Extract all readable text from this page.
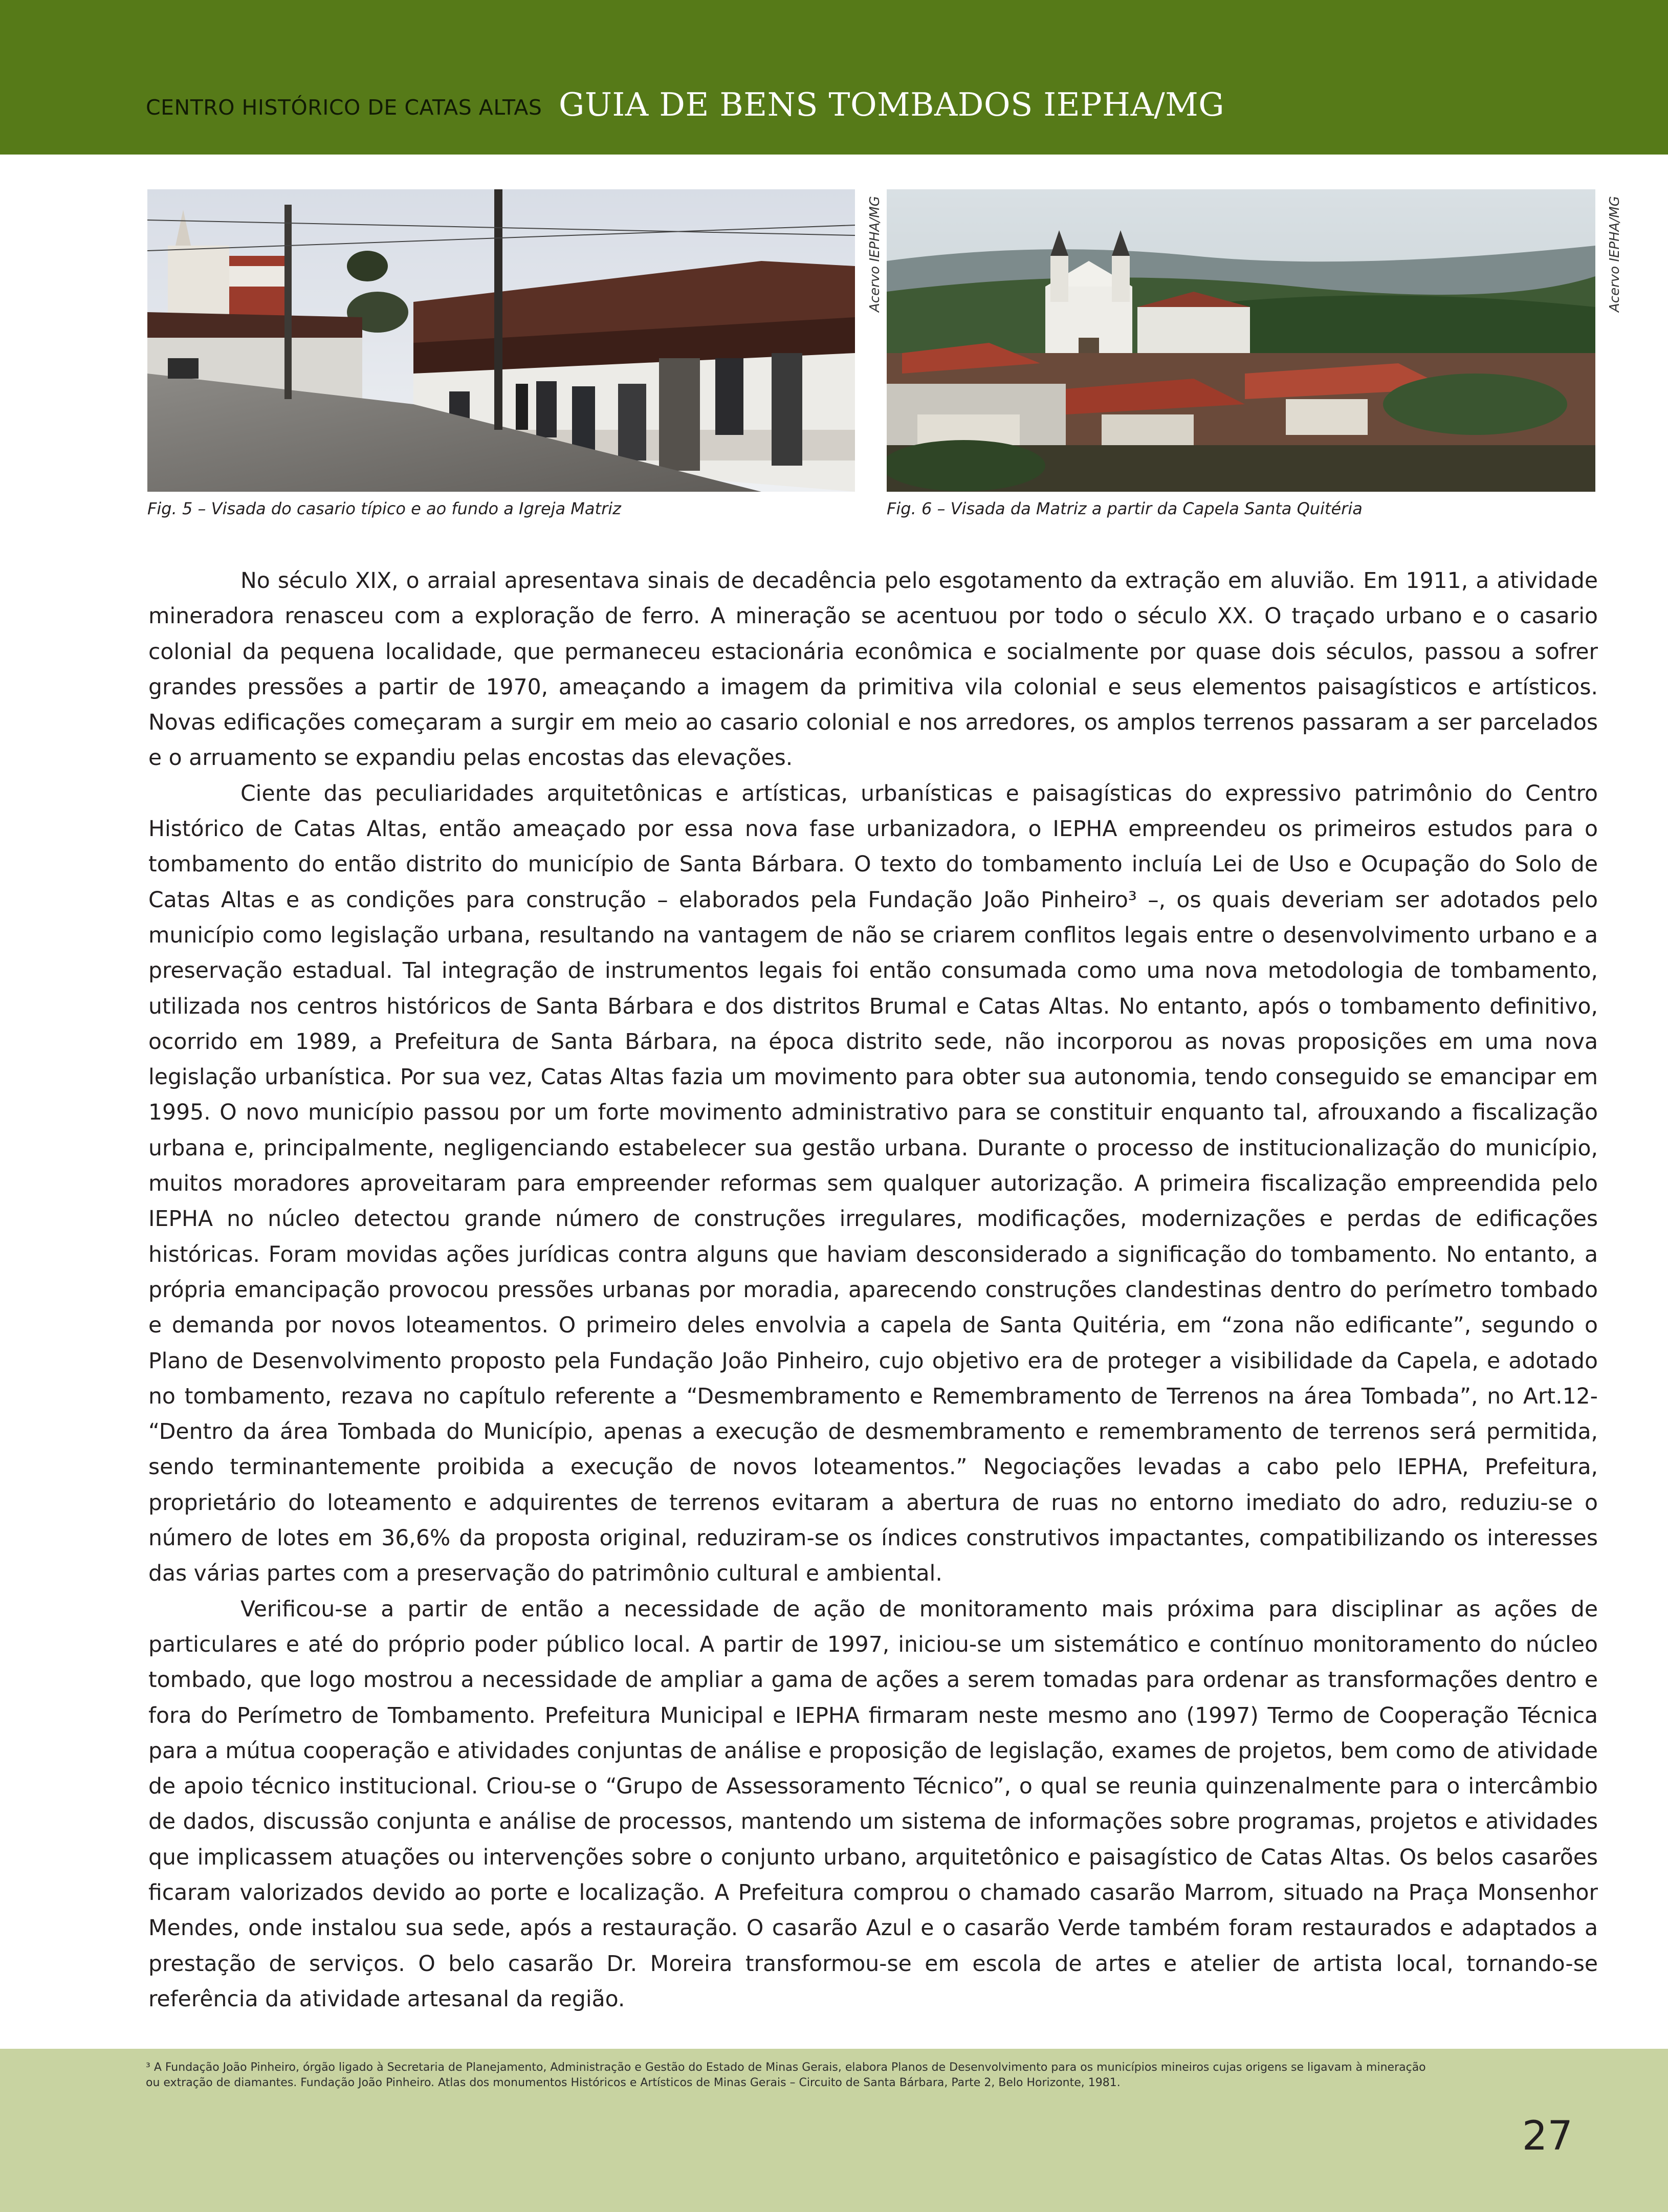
CENTRO HISTÓRICO DE CATAS ALTAS GUIA DE BENS TOMBADOS IEPHA/MG
Acervo IEPHA/MG
Fig. 5 – Visada do casario típico e ao fundo a Igreja Matriz
Acervo IEPHA/MG
Fig. 6 – Visada da Matriz a partir da Capela Santa Quitéria

No século XIX, o arraial apresentava sinais de decadência pelo esgotamento da extração em aluvião. Em 1911, a atividade mineradora renasceu com a exploração de ferro. A mineração se acentuou por todo o século XX. O traçado urbano e o casario colonial da pequena localidade, que permaneceu estacionária econômica e socialmente por quase dois séculos, passou a sofrer grandes pressões a partir de 1970, ameaçando a imagem da primitiva vila colonial e seus elementos paisagísticos e artísticos. Novas edificações começaram a surgir em meio ao casario colonial e nos arredores, os amplos terrenos passaram a ser parcelados e o arruamento se expandiu pelas encostas das elevações.

Ciente das peculiaridades arquitetônicas e artísticas, urbanísticas e paisagísticas do expressivo patrimônio do Centro Histórico de Catas Altas, então ameaçado por essa nova fase urbanizadora, o IEPHA empreendeu os primeiros estudos para o tombamento do então distrito do município de Santa Bárbara. O texto do tombamento incluía Lei de Uso e Ocupação do Solo de Catas Altas e as condições para construção – elaborados pela Fundação João Pinheiro³ –, os quais deveriam ser adotados pelo município como legislação urbana, resultando na vantagem de não se criarem conflitos legais entre o desenvolvimento urbano e a preservação estadual. Tal integração de instrumentos legais foi então consumada como uma nova metodologia de tombamento, utilizada nos centros históricos de Santa Bárbara e dos distritos Brumal e Catas Altas. No entanto, após o tombamento definitivo, ocorrido em 1989, a Prefeitura de Santa Bárbara, na época distrito sede, não incorporou as novas proposições em uma nova legislação urbanística. Por sua vez, Catas Altas fazia um movimento para obter sua autonomia, tendo conseguido se emancipar em 1995. O novo município passou por um forte movimento administrativo para se constituir enquanto tal, afrouxando a fiscalização urbana e, principalmente, negligenciando estabelecer sua gestão urbana. Durante o processo de institucionalização do município, muitos moradores aproveitaram para empreender reformas sem qualquer autorização. A primeira fiscalização empreendida pelo IEPHA no núcleo detectou grande número de construções irregulares, modificações, modernizações e perdas de edificações históricas. Foram movidas ações jurídicas contra alguns que haviam desconsiderado a significação do tombamento. No entanto, a própria emancipação provocou pressões urbanas por moradia, aparecendo construções clandestinas dentro do perímetro tombado e demanda por novos loteamentos. O primeiro deles envolvia a capela de Santa Quitéria, em “zona não edificante”, segundo o Plano de Desenvolvimento proposto pela Fundação João Pinheiro, cujo objetivo era de proteger a visibilidade da Capela, e adotado no tombamento, rezava no capítulo referente a “Desmembramento e Remembramento de Terrenos na área Tombada”, no Art.12- “Dentro da área Tombada do Município, apenas a execução de desmembramento e remembramento de terrenos será permitida, sendo terminantemente proibida a execução de novos loteamentos.” Negociações levadas a cabo pelo IEPHA, Prefeitura, proprietário do loteamento e adquirentes de terrenos evitaram a abertura de ruas no entorno imediato do adro, reduziu-se o número de lotes em 36,6% da proposta original, reduziram-se os índices construtivos impactantes, compatibilizando os interesses das várias partes com a preservação do patrimônio cultural e ambiental.

Verificou-se a partir de então a necessidade de ação de monitoramento mais próxima para disciplinar as ações de particulares e até do próprio poder público local. A partir de 1997, iniciou-se um sistemático e contínuo monitoramento do núcleo tombado, que logo mostrou a necessidade de ampliar a gama de ações a serem tomadas para ordenar as transformações dentro e fora do Perímetro de Tombamento. Prefeitura Municipal e IEPHA firmaram neste mesmo ano (1997) Termo de Cooperação Técnica para a mútua cooperação e atividades conjuntas de análise e proposição de legislação, exames de projetos, bem como de atividade de apoio técnico institucional. Criou-se o “Grupo de Assessoramento Técnico”, o qual se reunia quinzenalmente para o intercâmbio de dados, discussão conjunta e análise de processos, mantendo um sistema de informações sobre programas, projetos e atividades que implicassem atuações ou intervenções sobre o conjunto urbano, arquitetônico e paisagístico de Catas Altas. Os belos casarões ficaram valorizados devido ao porte e localização. A Prefeitura comprou o chamado casarão Marrom, situado na Praça Monsenhor Mendes, onde instalou sua sede, após a restauração. O casarão Azul e o casarão Verde também foram restaurados e adaptados a prestação de serviços. O belo casarão Dr. Moreira transformou-se em escola de artes e atelier de artista local, tornando-se referência da atividade artesanal da região.

³ A Fundação João Pinheiro, órgão ligado à Secretaria de Planejamento, Administração e Gestão do Estado de Minas Gerais, elabora Planos de Desenvolvimento para os municípios mineiros cujas origens se ligavam à mineração
ou extração de diamantes. Fundação João Pinheiro. Atlas dos monumentos Históricos e Artísticos de Minas Gerais – Circuito de Santa Bárbara, Parte 2, Belo Horizonte, 1981.
27
